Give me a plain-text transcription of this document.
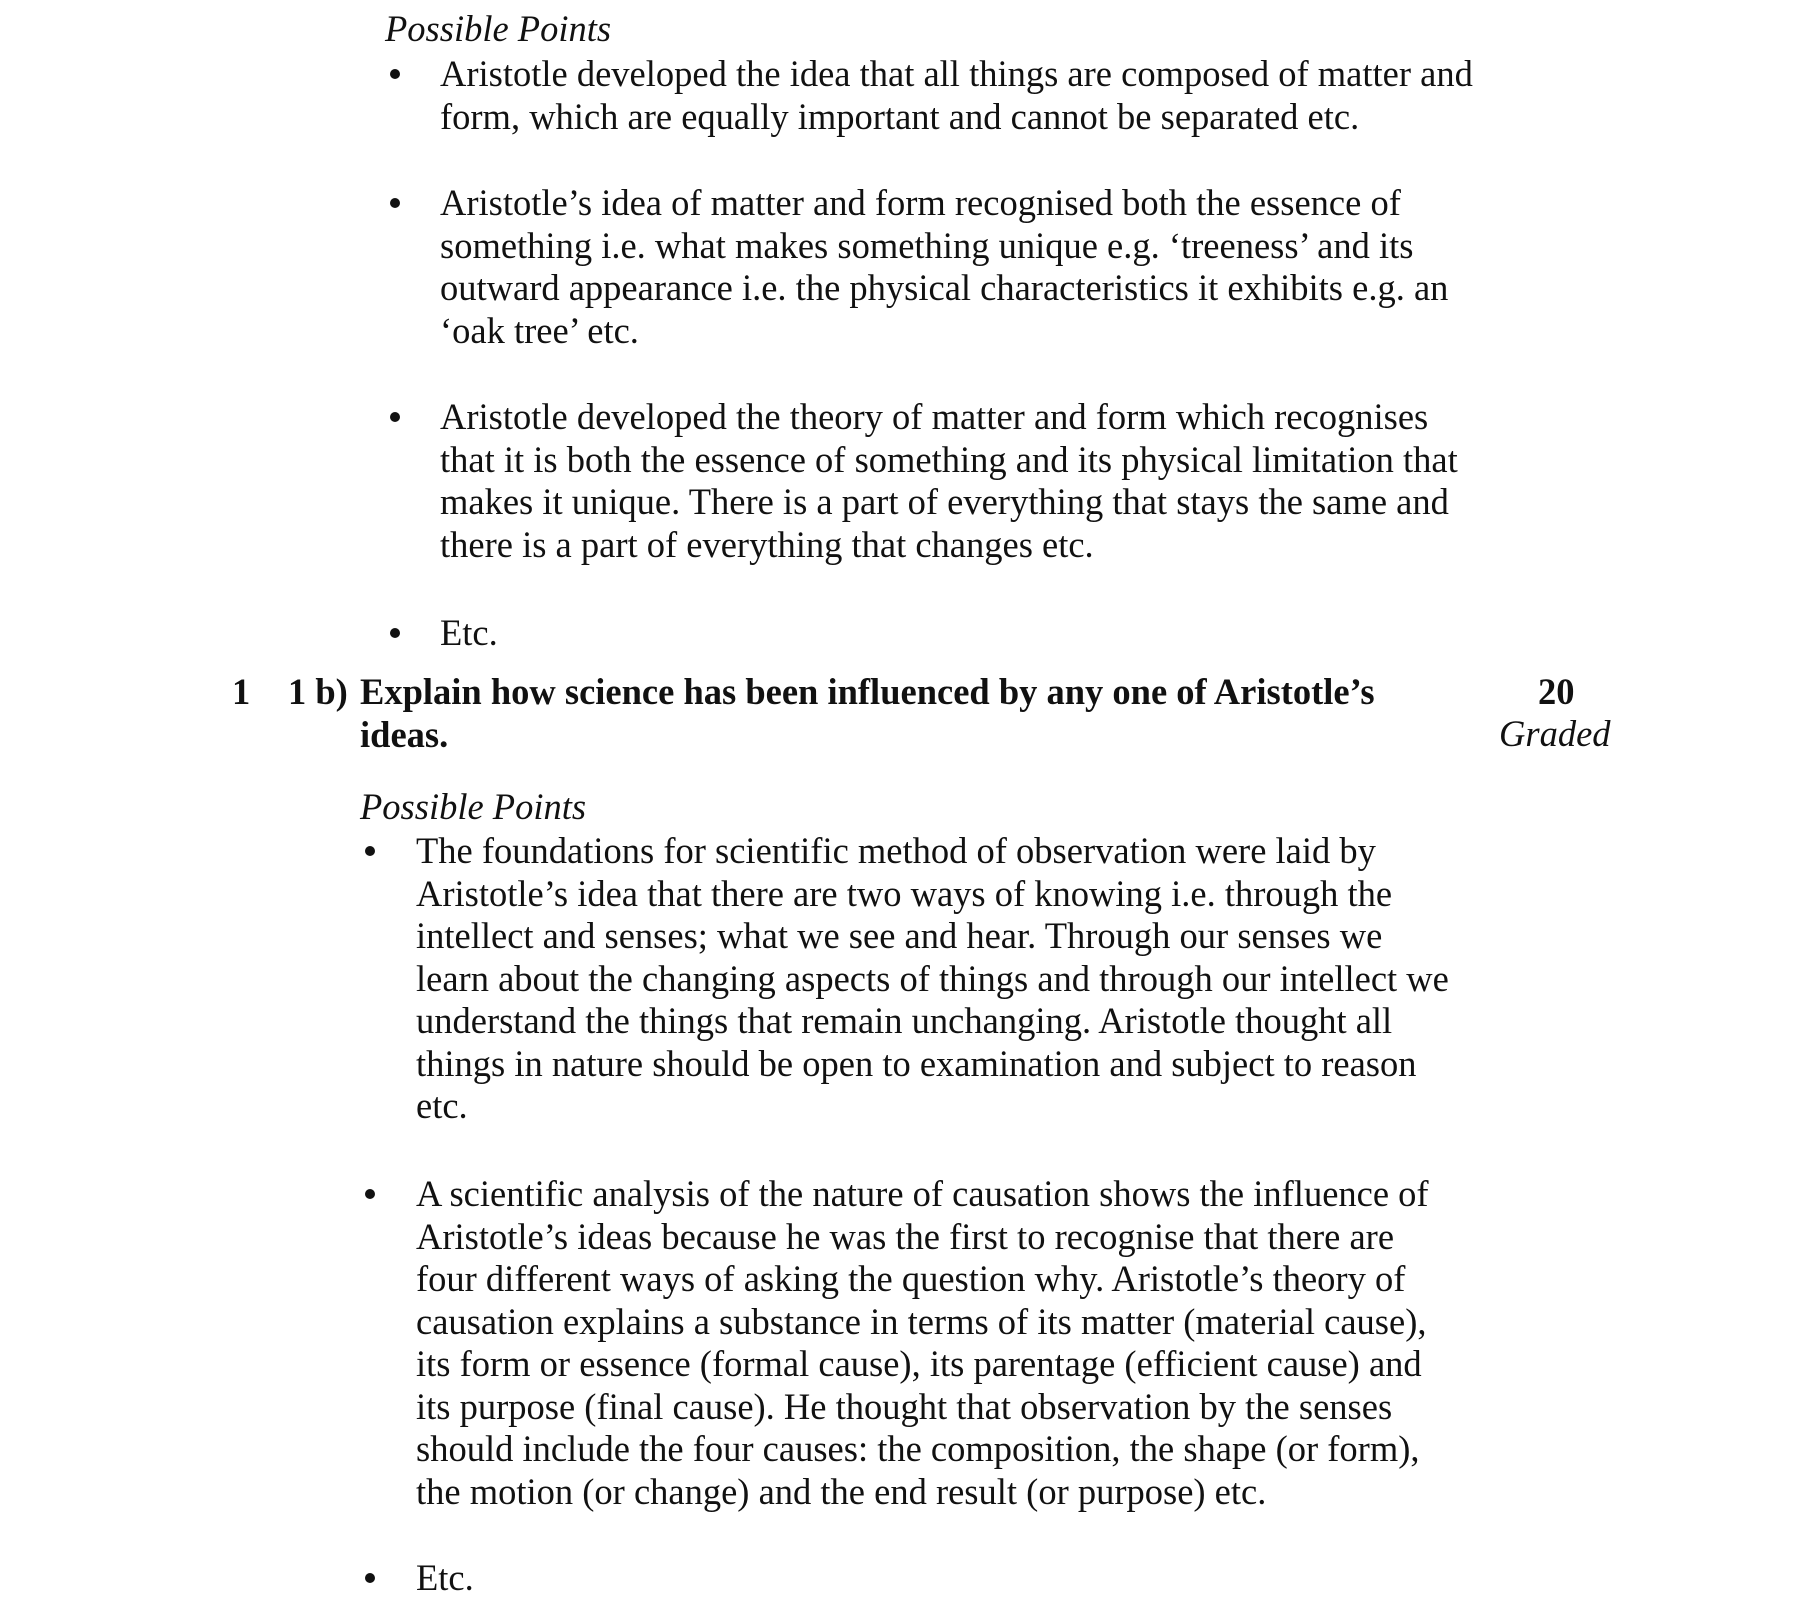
Possible Points
Aristotle developed the idea that all things are composed of matter and
form, which are equally important and cannot be separated etc.
Aristotle’s idea of matter and form recognised both the essence of
something i.e. what makes something unique e.g. ‘treeness’ and its
outward appearance i.e. the physical characteristics it exhibits e.g. an
‘oak tree’ etc.
Aristotle developed the theory of matter and form which recognises
that it is both the essence of something and its physical limitation that
makes it unique. There is a part of everything that stays the same and
there is a part of everything that changes etc.
Etc.
1 1 b) Explain how science has been influenced by any one of Aristotle’s
ideas.
20
Graded
Possible Points
The foundations for scientific method of observation were laid by
Aristotle’s idea that there are two ways of knowing i.e. through the
intellect and senses; what we see and hear. Through our senses we
learn about the changing aspects of things and through our intellect we
understand the things that remain unchanging. Aristotle thought all
things in nature should be open to examination and subject to reason
etc.
A scientific analysis of the nature of causation shows the influence of
Aristotle’s ideas because he was the first to recognise that there are
four different ways of asking the question why. Aristotle’s theory of
causation explains a substance in terms of its matter (material cause),
its form or essence (formal cause), its parentage (efficient cause) and
its purpose (final cause). He thought that observation by the senses
should include the four causes: the composition, the shape (or form),
the motion (or change) and the end result (or purpose) etc.
Etc.
